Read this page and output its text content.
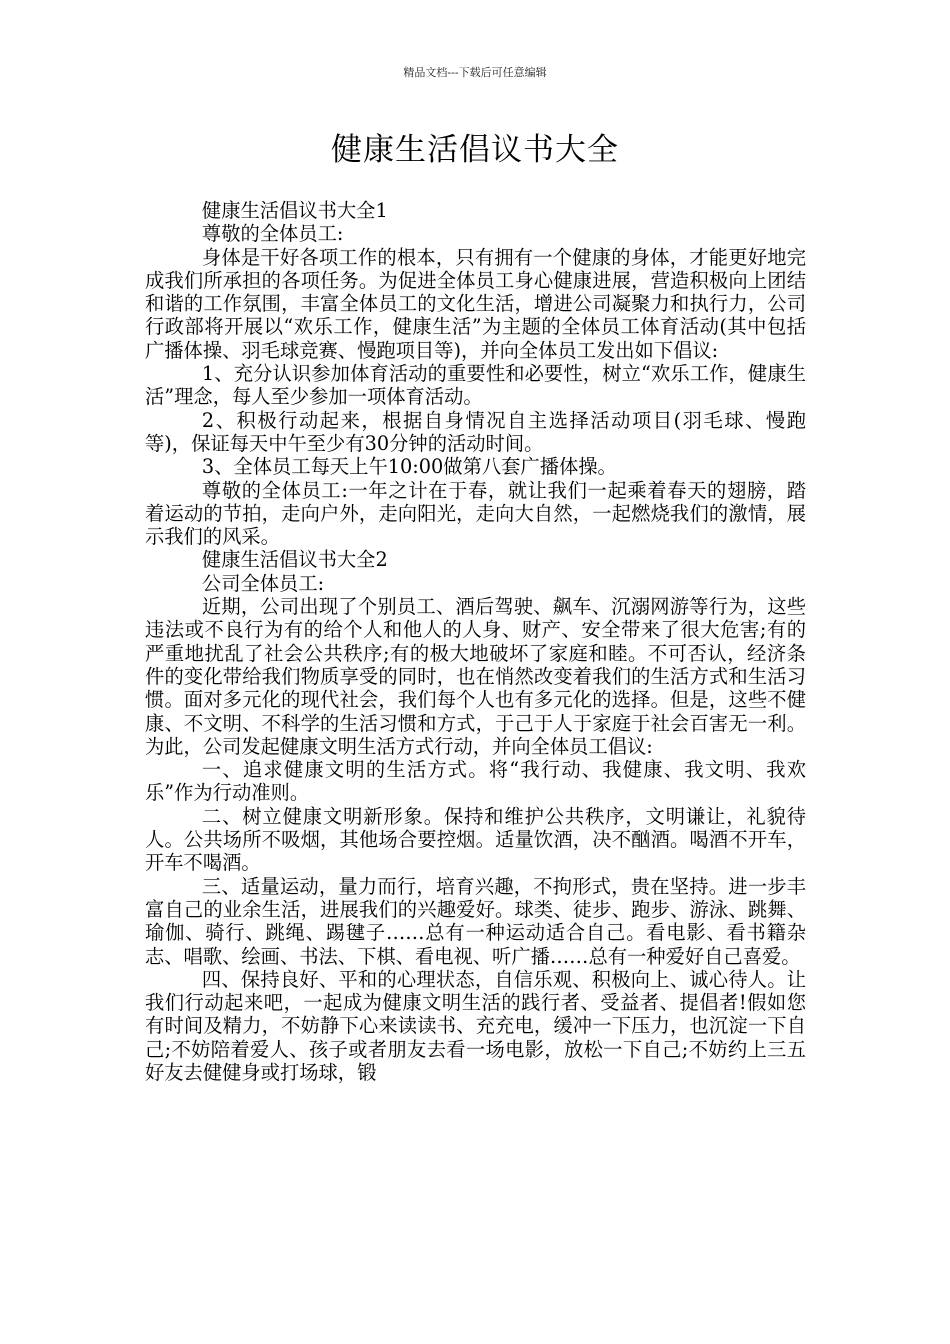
精品文档---下载后可任意编辑
健康生活倡议书大全

健康生活倡议书大全1

尊敬的全体员工:

身体是干好各项工作的根本，只有拥有一个健康的身体，才能更好地完成我们所承担的各项任务。为促进全体员工身心健康进展，营造积极向上团结和谐的工作氛围，丰富全体员工的文化生活，增进公司凝聚力和执行力，公司行政部将开展以“欢乐工作，健康生活”为主题的全体员工体育活动(其中包括广播体操、羽毛球竞赛、慢跑项目等)，并向全体员工发出如下倡议:

1、充分认识参加体育活动的重要性和必要性，树立“欢乐工作，健康生活”理念，每人至少参加一项体育活动。

2、积极行动起来，根据自身情况自主选择活动项目(羽毛球、慢跑等)，保证每天中午至少有30分钟的活动时间。

3、全体员工每天上午10:00做第八套广播体操。

尊敬的全体员工:一年之计在于春，就让我们一起乘着春天的翅膀，踏着运动的节拍，走向户外，走向阳光，走向大自然，一起燃烧我们的激情，展示我们的风采。

健康生活倡议书大全2

公司全体员工:

近期，公司出现了个别员工、酒后驾驶、飙车、沉溺网游等行为，这些违法或不良行为有的给个人和他人的人身、财产、安全带来了很大危害;有的严重地扰乱了社会公共秩序;有的极大地破坏了家庭和睦。不可否认，经济条件的变化带给我们物质享受的同时，也在悄然改变着我们的生活方式和生活习惯。面对多元化的现代社会，我们每个人也有多元化的选择。但是，这些不健康、不文明、不科学的生活习惯和方式，于己于人于家庭于社会百害无一利。为此，公司发起健康文明生活方式行动，并向全体员工倡议:

一、追求健康文明的生活方式。将“我行动、我健康、我文明、我欢乐”作为行动准则。

二、树立健康文明新形象。保持和维护公共秩序，文明谦让，礼貌待人。公共场所不吸烟，其他场合要控烟。适量饮酒，决不酗酒。喝酒不开车，开车不喝酒。

三、适量运动，量力而行，培育兴趣，不拘形式，贵在坚持。进一步丰富自己的业余生活，进展我们的兴趣爱好。球类、徒步、跑步、游泳、跳舞、瑜伽、骑行、跳绳、踢毽子……总有一种运动适合自己。看电影、看书籍杂志、唱歌、绘画、书法、下棋、看电视、听广播……总有一种爱好自己喜爱。

四、保持良好、平和的心理状态，自信乐观、积极向上、诚心待人。让我们行动起来吧，一起成为健康文明生活的践行者、受益者、提倡者!假如您有时间及精力，不妨静下心来读读书、充充电，缓冲一下压力，也沉淀一下自己;不妨陪着爱人、孩子或者朋友去看一场电影，放松一下自己;不妨约上三五好友去健健身或打场球，锻
